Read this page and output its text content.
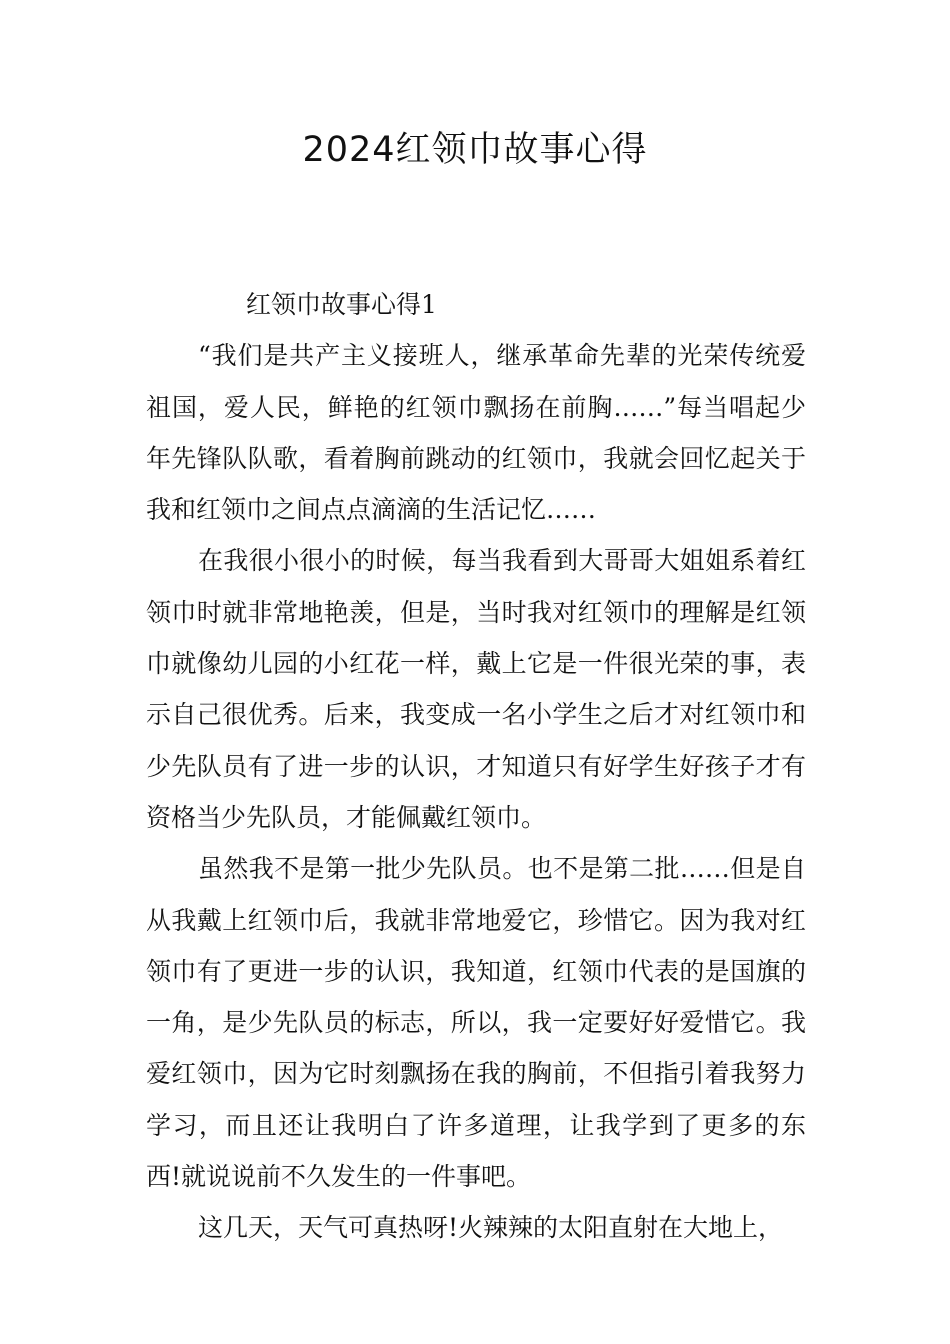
2024红领巾故事心得
红领巾故事心得1

“我们是共产主义接班人，继承革命先辈的光荣传统爱祖国，爱人民，鲜艳的红领巾飘扬在前胸……”每当唱起少年先锋队队歌，看着胸前跳动的红领巾，我就会回忆起关于我和红领巾之间点点滴滴的生活记忆……

在我很小很小的时候，每当我看到大哥哥大姐姐系着红领巾时就非常地艳羡，但是，当时我对红领巾的理解是红领巾就像幼儿园的小红花一样，戴上它是一件很光荣的事，表示自己很优秀。后来，我变成一名小学生之后才对红领巾和少先队员有了进一步的认识，才知道只有好学生好孩子才有资格当少先队员，才能佩戴红领巾。

虽然我不是第一批少先队员。也不是第二批……但是自从我戴上红领巾后，我就非常地爱它，珍惜它。因为我对红领巾有了更进一步的认识，我知道，红领巾代表的是国旗的一角，是少先队员的标志，所以，我一定要好好爱惜它。我爱红领巾，因为它时刻飘扬在我的胸前，不但指引着我努力学习，而且还让我明白了许多道理，让我学到了更多的东西!就说说前不久发生的一件事吧。

这几天，天气可真热呀!火辣辣的太阳直射在大地上，
